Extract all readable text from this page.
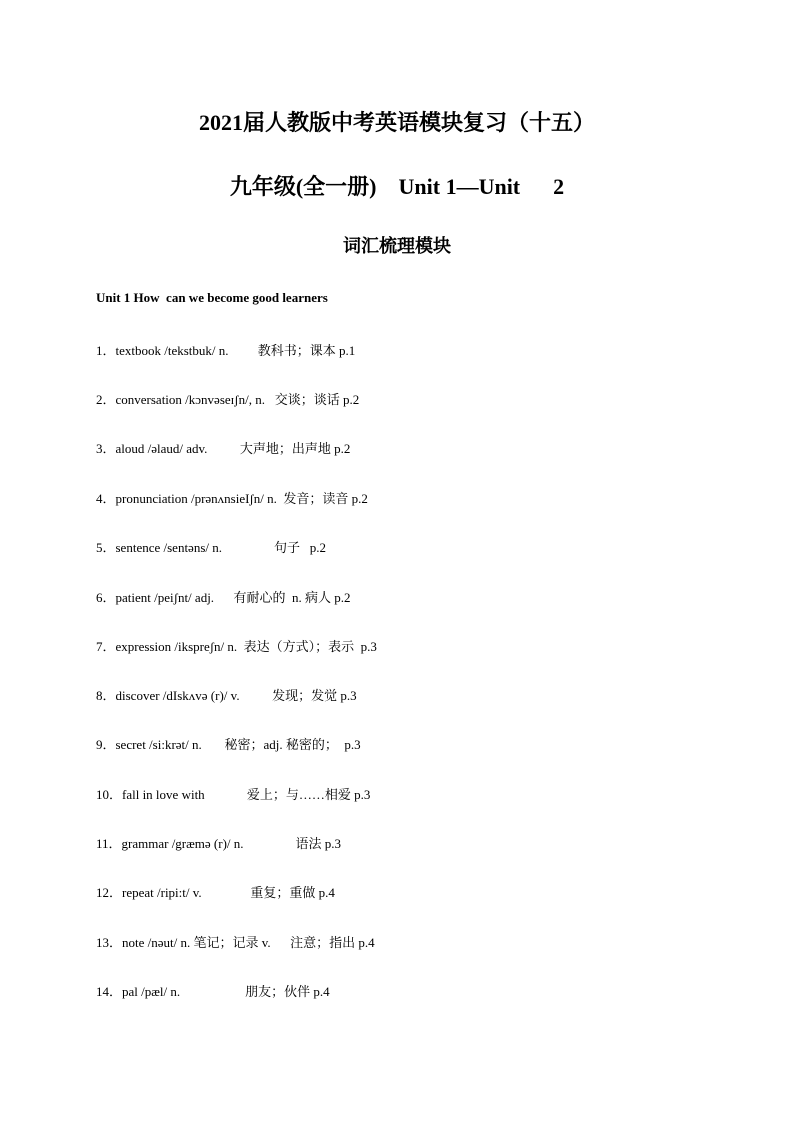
2021届人教版中考英语模块复习（十五）
九年级(全一册)    Unit 1—Unit      2
词汇梳理模块
Unit 1 How  can we become good learners
1．textbook /tekstbuk/ n.         教科书；课本 p.1
2．conversation /kɔnvəseɪʃn/, n.   交谈；谈话 p.2
3．aloud /əlaud/ adv.          大声地；出声地 p.2
4．pronunciation /prənʌnsieIʃn/ n.  发音；读音 p.2
5．sentence /sentəns/ n.                句子   p.2
6．patient /peiʃnt/ adj.      有耐心的  n. 病人 p.2
7．expression /ikspreʃn/ n.  表达（方式）；表示  p.3
8．discover /dIskʌvə (r)/ v.          发现；发觉 p.3
9．secret /si:krət/ n.       秘密；adj. 秘密的；  p.3
10．fall in love with             爱上；与……相爱 p.3
11．grammar /græmə (r)/ n.                语法 p.3
12．repeat /ripi:t/ v.               重复；重做 p.4
13．note /nəut/ n. 笔记；记录 v.      注意；指出 p.4
14．pal /pæl/ n.                    朋友；伙伴 p.4
